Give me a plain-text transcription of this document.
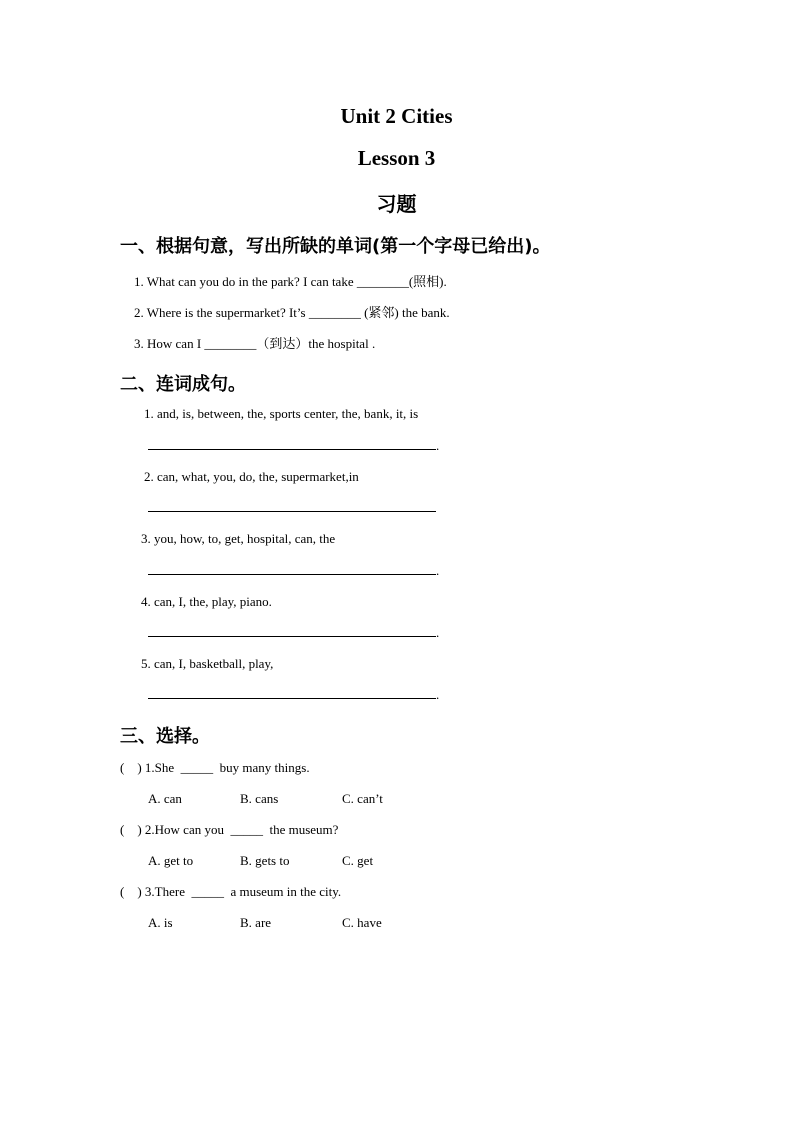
Unit 2 Cities
Lesson 3
习题
一、根据句意，写出所缺的单词(第一个字母已给出)。
1. What can you do in the park? I can take ________(照相).
2. Where is the supermarket? It’s ________ (紧邻) the bank.
3. How can I ________（到达）the hospital .
二、连词成句。
1. and, is, between, the, sports center, the, bank, it, is
.
2. can, what, you, do, the, supermarket,in
3. you, how, to, get, hospital, can, the
.
4. can, I, the, play, piano.
.
5. can, I, basketball, play,
.
三、选择。
(    ) 1.She  _____  buy many things.
A. can	B. cans	C. can’t
(    ) 2.How can you  _____  the museum?
A. get to	B. gets to	C. get
(    ) 3.There  _____  a museum in the city.
A. is	B. are	C. have
